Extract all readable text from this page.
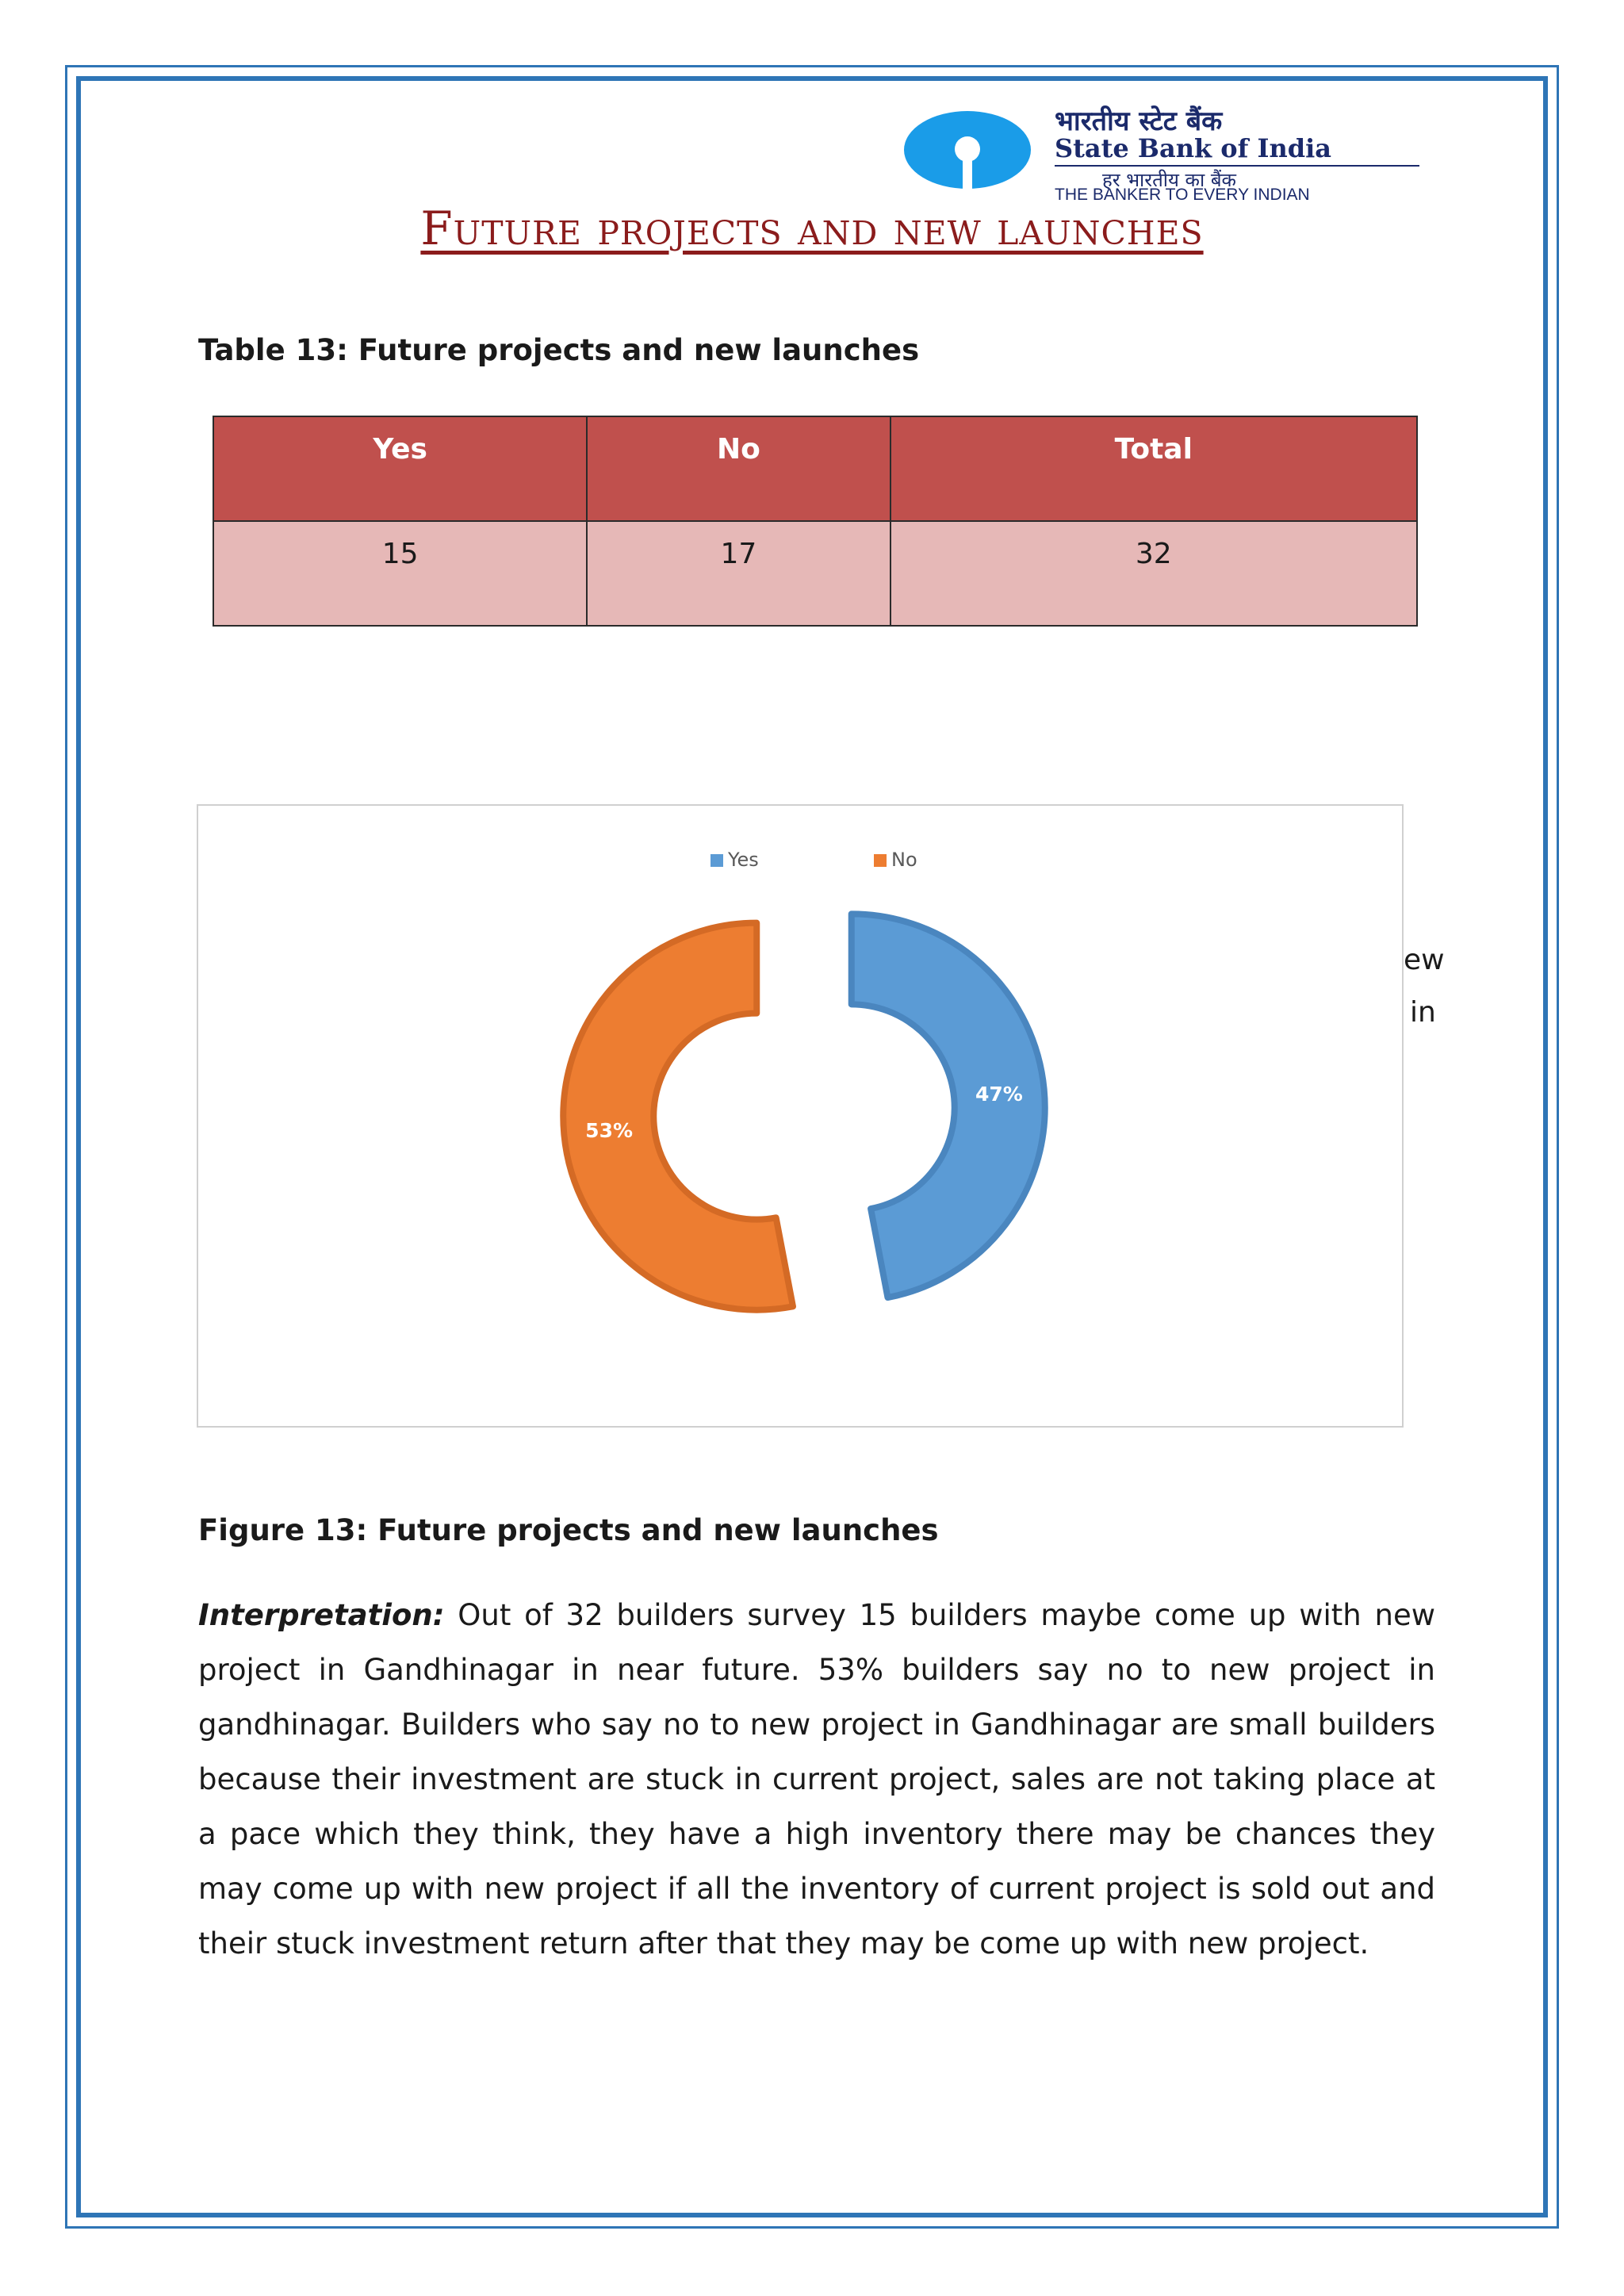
भारतीय स्टेट बैंक
State Bank of India
हर भारतीय का बैंक
THE BANKER TO EVERY INDIAN
Future projects and new launches
Table 13: Future projects and new launches
Yes	No	Total
15	17	32
ew
in
Yes	No
47%
53%
Figure 13: Future projects and new launches
Interpretation: Out of 32 builders survey 15 builders maybe come up with new project in Gandhinagar in near future. 53% builders say no to new project in gandhinagar. Builders who say no to new project in Gandhinagar are small builders because their investment are stuck in current project, sales are not taking place at a pace which they think, they have a high inventory there may be chances they may come up with new project if all the inventory of current project is sold out and their stuck investment return after that they may be come up with new project.
